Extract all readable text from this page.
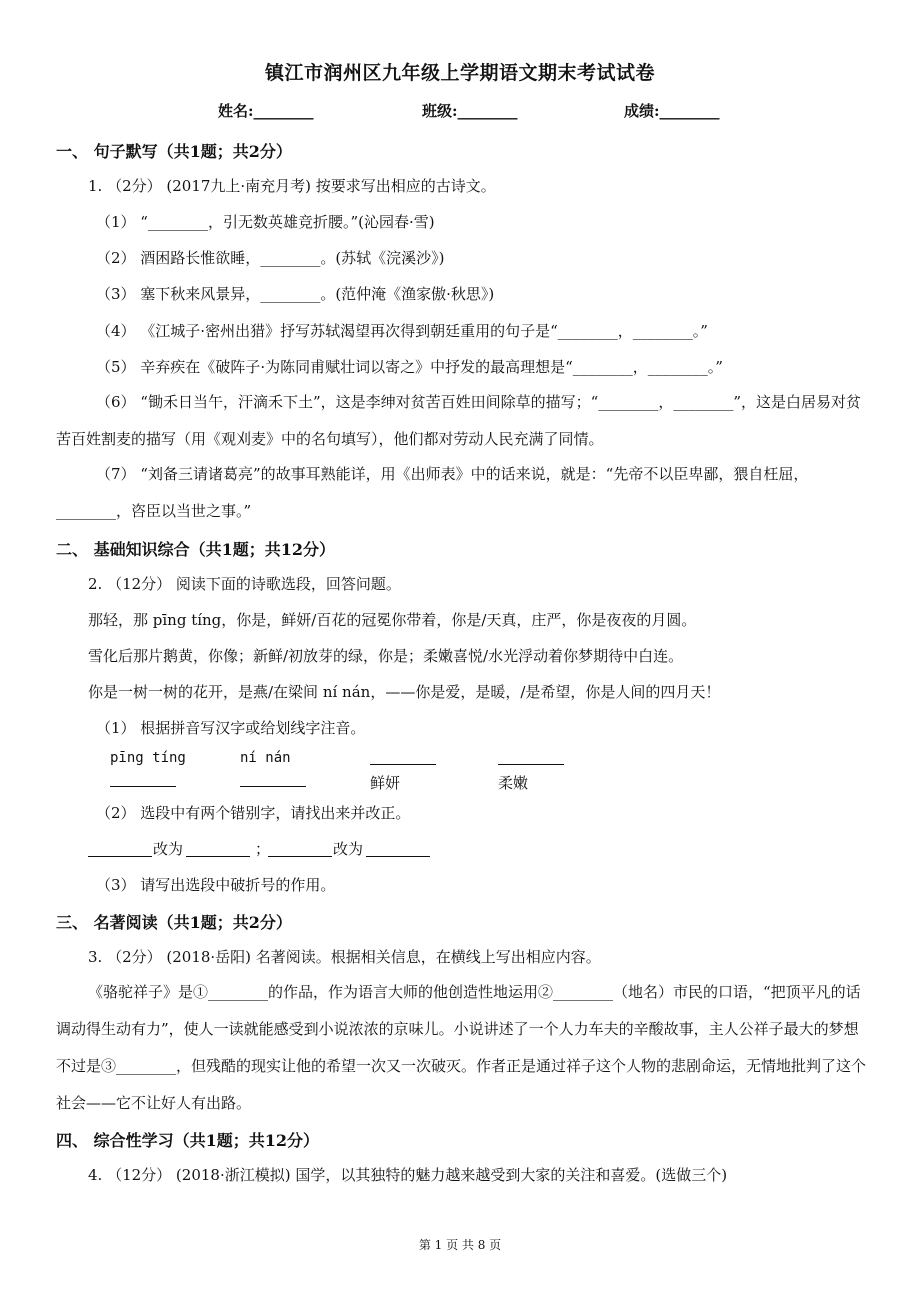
镇江市润州区九年级上学期语文期末考试试卷
姓名:________	班级:________	成绩:________
一、 句子默写（共1题；共2分）
1. （2分） (2017九上·南充月考) 按要求写出相应的古诗文。
（1） “________，引无数英雄竞折腰。”(沁园春·雪)
（2） 酒困路长惟欲睡，________。(苏轼《浣溪沙》)
（3） 塞下秋来风景异，________。(范仲淹《渔家傲·秋思》)
（4） 《江城子·密州出猎》抒写苏轼渴望再次得到朝廷重用的句子是“________，________。”
（5） 辛弃疾在《破阵子·为陈同甫赋壮词以寄之》中抒发的最高理想是“________，________。”
（6） “锄禾日当午，汗滴禾下土”，这是李绅对贫苦百姓田间除草的描写；“________，________”，这是白居易对贫苦百姓割麦的描写（用《观刈麦》中的名句填写），他们都对劳动人民充满了同情。
（7） “刘备三请诸葛亮”的故事耳熟能详，用《出师表》中的话来说，就是：“先帝不以臣卑鄙，猥自枉屈，________，咨臣以当世之事。”
二、 基础知识综合（共1题；共12分）
2. （12分） 阅读下面的诗歌选段，回答问题。
那轻，那 pīng tíng，你是，鲜妍/百花的冠冕你带着，你是/天真，庄严，你是夜夜的月圆。
雪化后那片鹅黄，你像；新鲜/初放芽的绿，你是；柔嫩喜悦/水光浮动着你梦期待中白连。
你是一树一树的花开，是燕/在梁间 ní nán，——你是爱，是暖，/是希望，你是人间的四月天！
（1） 根据拼音写汉字或给划线字注音。
pīng tíng	ní nán
鲜妍	柔嫩
（2） 选段中有两个错别字，请找出来并改正。
改为	；	改为
（3） 请写出选段中破折号的作用。
三、 名著阅读（共1题；共2分）
3. （2分） (2018·岳阳) 名著阅读。根据相关信息，在横线上写出相应内容。
《骆驼祥子》是①________的作品，作为语言大师的他创造性地运用②________（地名）市民的口语，“把顶平凡的话调动得生动有力”，使人一读就能感受到小说浓浓的京味儿。小说讲述了一个人力车夫的辛酸故事，主人公祥子最大的梦想不过是③________，但残酷的现实让他的希望一次又一次破灭。作者正是通过祥子这个人物的悲剧命运，无情地批判了这个社会——它不让好人有出路。
四、 综合性学习（共1题；共12分）
4. （12分） (2018·浙江模拟) 国学，以其独特的魅力越来越受到大家的关注和喜爱。(选做三个)
第 1 页 共 8 页
